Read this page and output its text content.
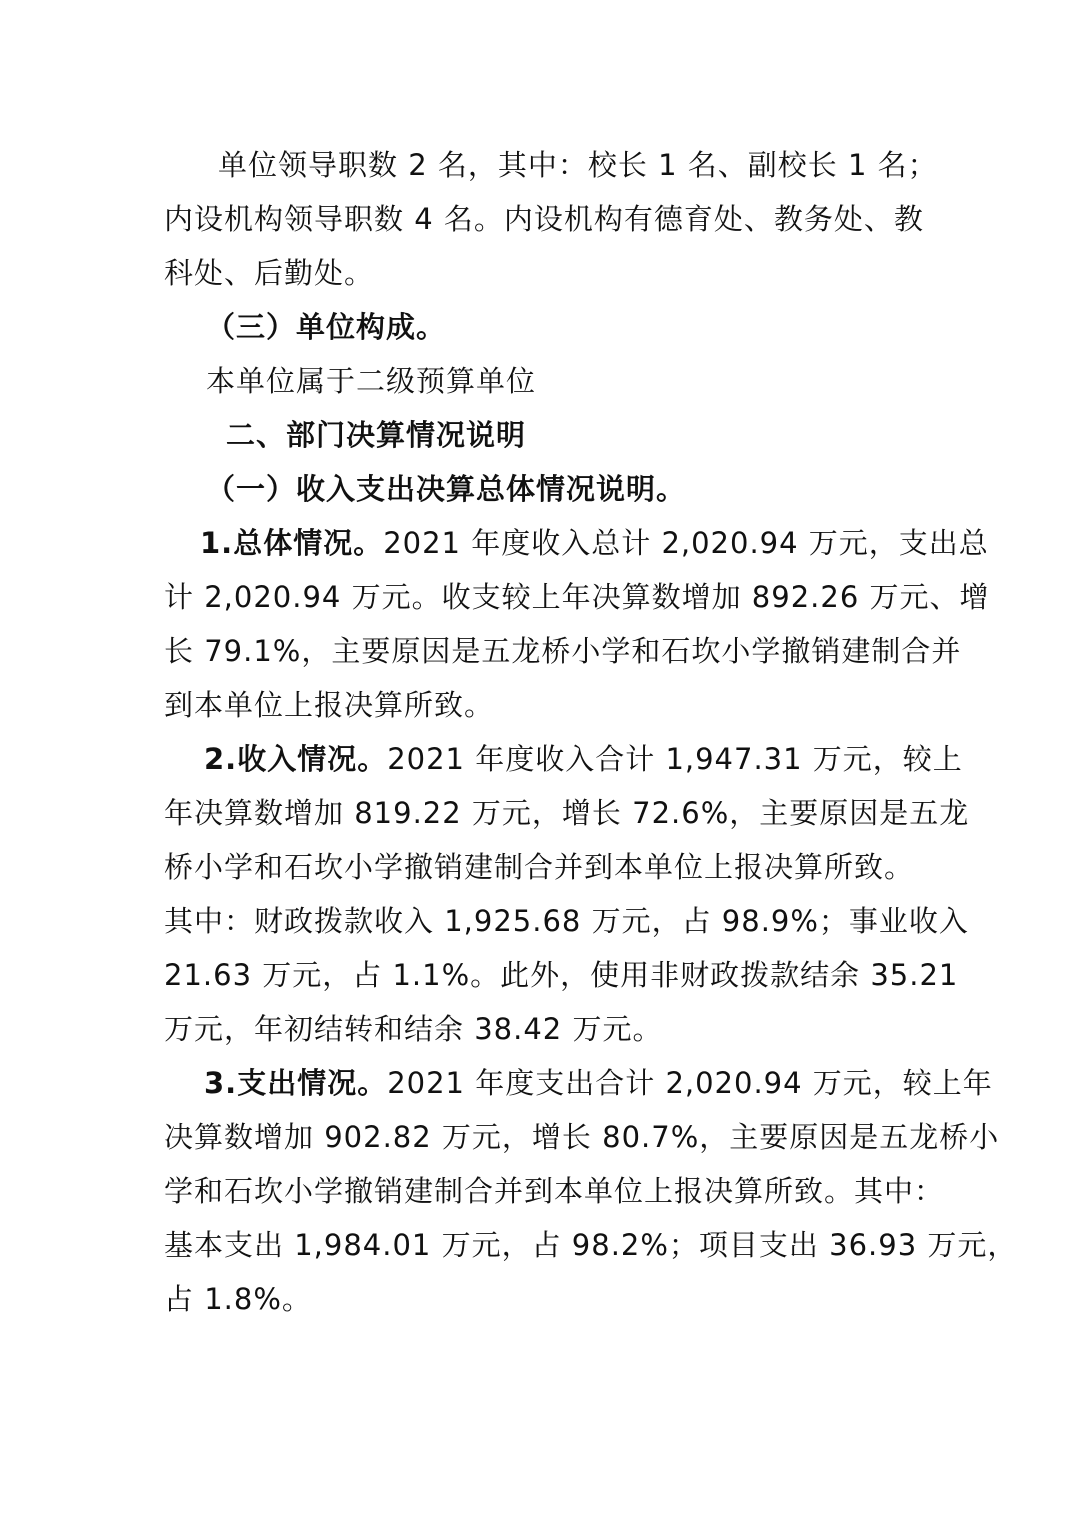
单位领导职数 2 名，其中：校长 1 名、副校长 1 名；
内设机构领导职数 4 名。内设机构有德育处、教务处、教
科处、后勤处。
（三）单位构成。
本单位属于二级预算单位
二、部门决算情况说明
（一）收入支出决算总体情况说明。
1.总体情况。2021 年度收入总计 2,020.94 万元，支出总
计 2,020.94 万元。收支较上年决算数增加 892.26 万元、增
长 79.1%，主要原因是五龙桥小学和石坎小学撤销建制合并
到本单位上报决算所致。
2.收入情况。2021 年度收入合计 1,947.31 万元，较上
年决算数增加 819.22 万元，增长 72.6%，主要原因是五龙
桥小学和石坎小学撤销建制合并到本单位上报决算所致。
其中：财政拨款收入 1,925.68 万元，占 98.9%；事业收入
21.63 万元，占 1.1%。此外，使用非财政拨款结余 35.21
万元，年初结转和结余 38.42 万元。
3.支出情况。2021 年度支出合计 2,020.94 万元，较上年
决算数增加 902.82 万元，增长 80.7%，主要原因是五龙桥小
学和石坎小学撤销建制合并到本单位上报决算所致。其中：
基本支出 1,984.01 万元，占 98.2%；项目支出 36.93 万元，
占 1.8%。
